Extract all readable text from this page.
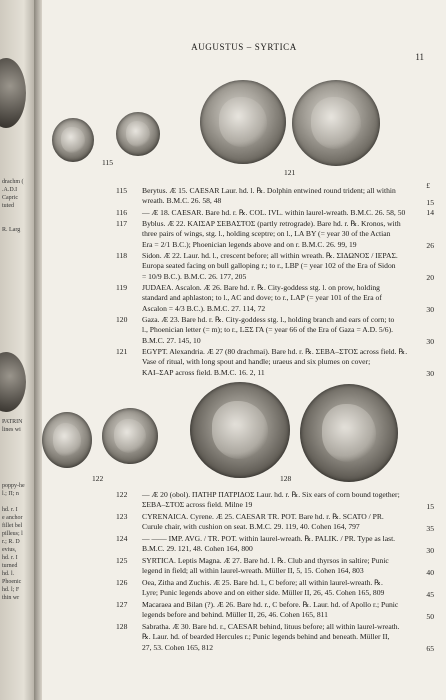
drachm (
.A.D.I
Capric
tuted

R. Larg
PATRIN
lines wi
poppy-he
l.; Π; n

hd. r. I
e anchor
fillet bel
pilleus; l
r.; R. D
evius,
hd. r. I
turned
hd. l.
Phoenic
hd. l; F
thin wr
AUGUSTUS – SYRTICA
11
115
121
£
115	Berytus. Æ 15. CAESAR Laur. hd. l. ℞. Dolphin entwined round trident; all within
wreath. B.M.C. 26. 58, 48	15
116	— Æ 18. CAESAR. Bare hd. r. ℞. COL. IVL. within laurel-wreath. B.M.C. 26. 58, 50	14
117	Byblus. Æ 22. ΚΑΙΣΑΡ ΣΕΒΑΣΤΟΣ (partly retrograde). Bare hd. r. ℞. Kronos, with
three pairs of wings, stg. l., holding sceptre; on l., LΑ ΒΥ (= year 30 of the Actian
Era = 2/1 B.C.); Phoenician legends above and on r. B.M.C. 26. 99, 19	26
118	Sidon. Æ 22. Laur. hd. l., crescent before; all within wreath. ℞. ΣΙΔΩΝΟΣ / ΙΕΡΑΣ.
Europa seated facing on bull galloping r.; to r., LΒΡ (= year 102 of the Era of Sidon
= 10/9 B.C.). B.M.C. 26. 177, 205	20
119	JUDAEA. Ascalon. Æ 26. Bare hd. r. ℞. City-goddess stg. l. on prow, holding
standard and aphlaston; to l., AC and dove; to r., LΑΡ (= year 101 of the Era of
Ascalon = 4/3 B.C.). B.M.C. 27. 114, 72	30
120	Gaza. Æ 23. Bare hd. r. ℞. City-goddess stg. l., holding branch and ears of corn; to
l., Phoenician letter (= m); to r., LΞΣ ΓΑ (= year 66 of the Era of Gaza = A.D. 5/6).
B.M.C. 27. 145, 10	30
121	EGYPT. Alexandria. Æ 27 (80 drachmai). Bare hd. r. ℞. ΣΕΒΑ–ΣΤΟΣ across field. ℞.
Vase of ritual, with long spout and handle; uraeus and six plumes on cover;
ΚΑΙ–ΣΑΡ across field. B.M.C. 16. 2, 11	30
122	128
122	— Æ 20 (obol). ΠΑΤΗΡ ΠΑΤΡΙΔΟΣ Laur. hd. r. ℞. Six ears of corn bound together;
ΣΕΒΑ–ΣΤΟΣ across field. Milne 19	15
123	CYRENAICA. Cyrene. Æ 25. CAESAR TR. POT. Bare hd. r. ℞. SCATO / PR.
Curule chair, with cushion on seat. B.M.C. 29. 119, 40. Cohen 164, 797	35
124	— —— IMP. AVG. / TR. POT. within laurel-wreath. ℞. PALIK. / PR. Type as last.
B.M.C. 29. 121, 48. Cohen 164, 800	30
125	SYRTICA. Leptis Magna. Æ 27. Bare hd. l. ℞. Club and thyrsos in saltire; Punic
legend in field; all within laurel-wreath. Müller II, 5, 15. Cohen 164, 803	40
126	Oea, Zitha and Zuchis. Æ 25. Bare hd. l., C before; all within laurel-wreath. ℞.
Lyre; Punic legends above and on either side. Müller II, 26, 45. Cohen 165, 809	45
127	Macaraea and Bilan (?). Æ 26. Bare hd. r., C before. ℞. Laur. hd. of Apollo r.; Punic
legends before and behind. Müller II, 26, 46. Cohen 165, 811	50
128	Sabratha. Æ 30. Bare hd. r., CAESAR behind, lituus before; all within laurel-wreath.
℞. Laur. hd. of bearded Hercules r.; Punic legends behind and beneath. Müller II,
27, 53. Cohen 165, 812	65
